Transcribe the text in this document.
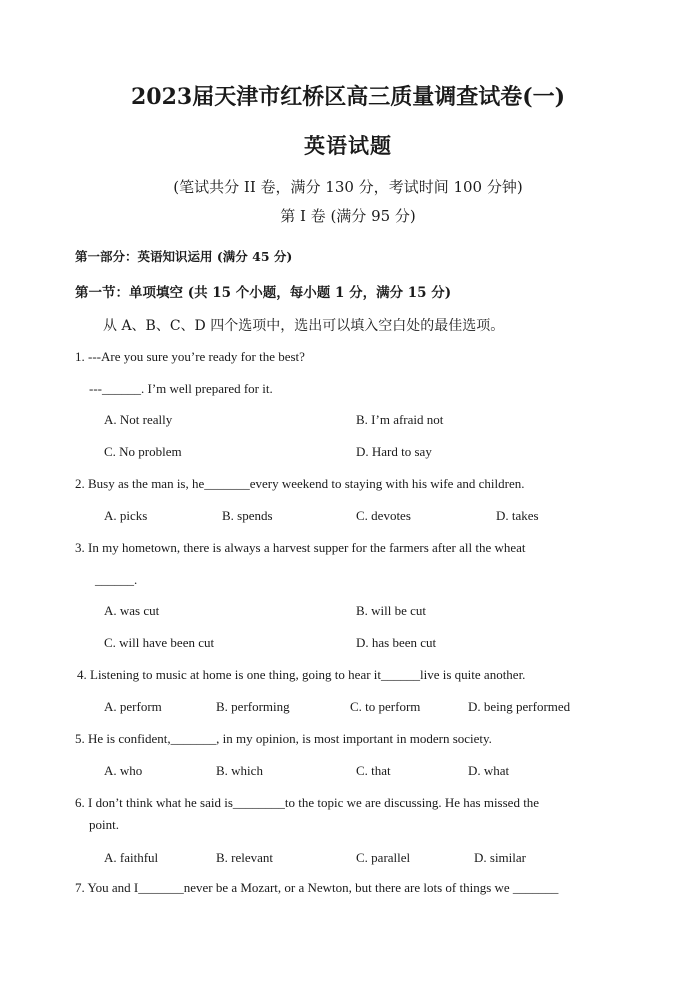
2023届天津市红桥区高三质量调查试卷(一)
英语试题
(笔试共分 II 卷，满分 130 分，考试时间 100 分钟)
第 I 卷 (满分 95 分)
第一部分：英语知识运用 (满分 45 分)
第一节：单项填空 (共 15 个小题，每小题 1 分，满分 15 分)
从 A、B、C、D 四个选项中，选出可以填入空白处的最佳选项。
1. ---Are you sure you’re ready for the best?
---______. I’m well prepared for it.
A. Not really	B. I’m afraid not
C. No problem	D. Hard to say
2. Busy as the man is, he_______every weekend to staying with his wife and children.
A. picks	B. spends	C. devotes	D. takes
3. In my hometown, there is always a harvest supper for the farmers after all the wheat
______.
A. was cut	B. will be cut
C. will have been cut	D. has been cut
4. Listening to music at home is one thing, going to hear it______live is quite another.
A. perform	B. performing	C. to perform	D. being performed
5. He is confident,_______, in my opinion, is most important in modern society.
A. who	B. which	C. that	D. what
6. I don’t think what he said is________to the topic we are discussing. He has missed the
point.
A. faithful	B. relevant	C. parallel	D. similar
7. You and I_______never be a Mozart, or a Newton, but there are lots of things we _______
